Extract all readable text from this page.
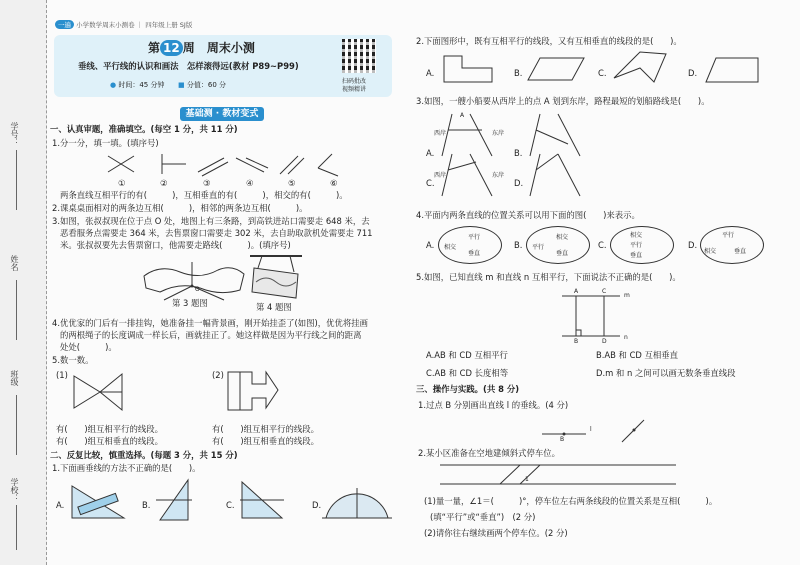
学号：
姓名
班级
学校：
一遍 小学数学周末小测卷 ｜ 四年级上册 SJ版
第 12 周 周末小测
垂线、平行线的认识和画法　怎样滚得远(教材 P89~P99)
● 时间：45 分钟 ■ 分值：60 分	扫码批改
视频精讲
基础测 · 教材变式
一、认真审题，准确填空。(每空 1 分，共 11 分)
1.分一分，填一填。(填序号)
①	②	③	④	⑤	⑥
两条直线互相平行的有(　　　)，互相垂直的有(　　　)，相交的有(　　　)。
2.课桌桌面相对的两条边互相(　　　)，相邻的两条边互相(　　　)。
3.如图，张叔叔现在位于点 O 处，地图上有三条路，到高铁进站口需要走 648 米，去
恶看服务点需要走 364 米，去售票窗口需要走 302 米，去自助取款机处需要走 711
米。张叔叔要先去售票窗口，他需要走路线(　　　)。(填序号)
O
第 3 题图	第 4 题图
4.优优家的门后有一排挂钩，她准备挂一幅背景画，刚开始挂歪了(如图)，优优将挂画
的两根绳子的长度调成一样长后，画就挂正了。她这样做是因为平行线之间的距离
处处(　　　)。
5.数一数。
(1)	(2)
有(　　)组互相平行的线段。
有(　　)组互相垂直的线段。
有(　　)组互相平行的线段。
有(　　)组互相垂直的线段。
二、反复比较，慎重选择。(每题 3 分，共 15 分)
1.下面画垂线的方法不正确的是(　　)。
A.	B.	C.	D.
2.下面图形中，既有互相平行的线段，又有互相垂直的线段的是(　　)。
A.	B.	C.	D.
3.如图，一艘小船要从西岸上的点 A 划到东岸，路程最短的划船路线是(　　)。
A.
西岸	东岸
A
B.
C.
西岸	东岸
D.
4.平面内两条直线的位置关系可以用下面的图(　　)来表示。
A.
平行
相交
垂直
B.
相交
平行
垂直
C.
相交
平行
垂直
D.
平行
相交	垂直
5.如图，已知直线 m 和直线 n 互相平行，下面说法不正确的是(　　)。
A	C
m
B	D
n
A.AB 和 CD 互相平行	B.AB 和 CD 互相垂直
C.AB 和 CD 长度相等	D.m 和 n 之间可以画无数条垂直线段
三、操作与实践。(共 8 分)
1.过点 B 分别画出直线 l 的垂线。(4 分)
B
l
2.某小区准备在空地建倾斜式停车位。
1
(1)量一量，∠1＝(　　　)°，停车位左右两条线段的位置关系是互相(　　　)。
(填“平行”或“垂直”)　(2 分)
(2)请你往右继续画两个停车位。(2 分)
